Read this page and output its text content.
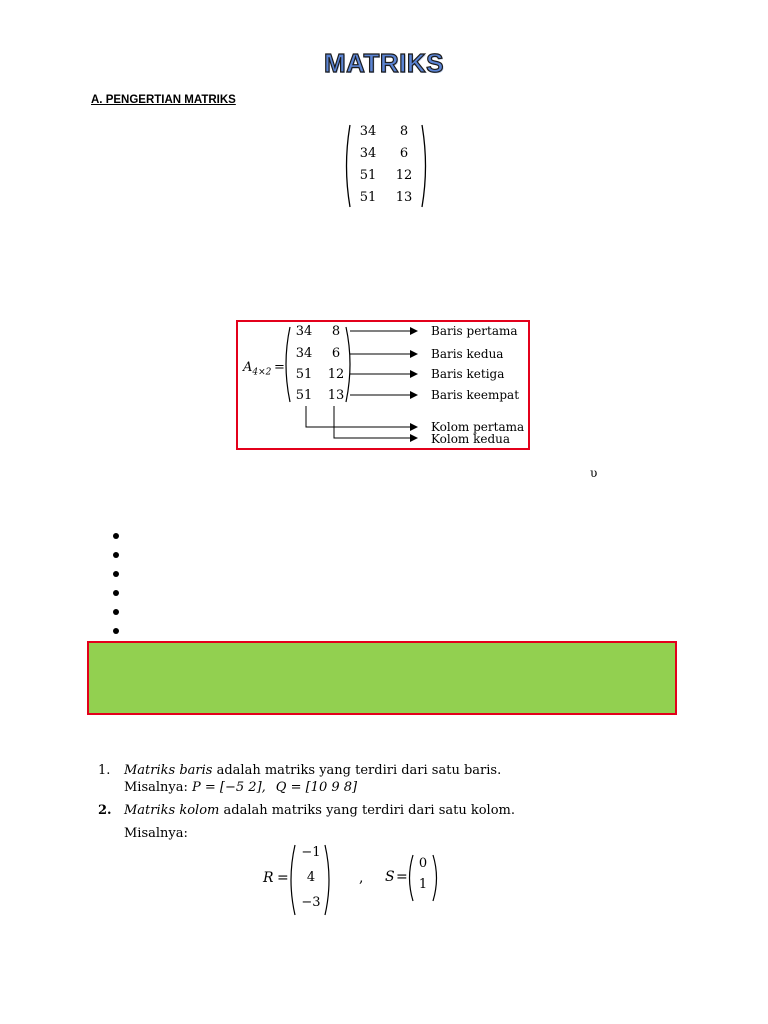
MATRIKS
A. PENGERTIAN MATRIKS
34	8
34	6
51	12
51	13
$A_{4\times 2}$ =
34	8
34	6
51	12
51	13
Baris pertama
Baris kedua
Baris ketiga
Baris keempat
Kolom pertama
Kolom kedua
υ
1. Matriks baris adalah matriks yang terdiri dari satu baris.
Misalnya: P = [−5 2], Q = [10 9 8]
2. Matriks kolom adalah matriks yang terdiri dari satu kolom.
Misalnya:
R =
−1
4
−3
, S =
0
1
